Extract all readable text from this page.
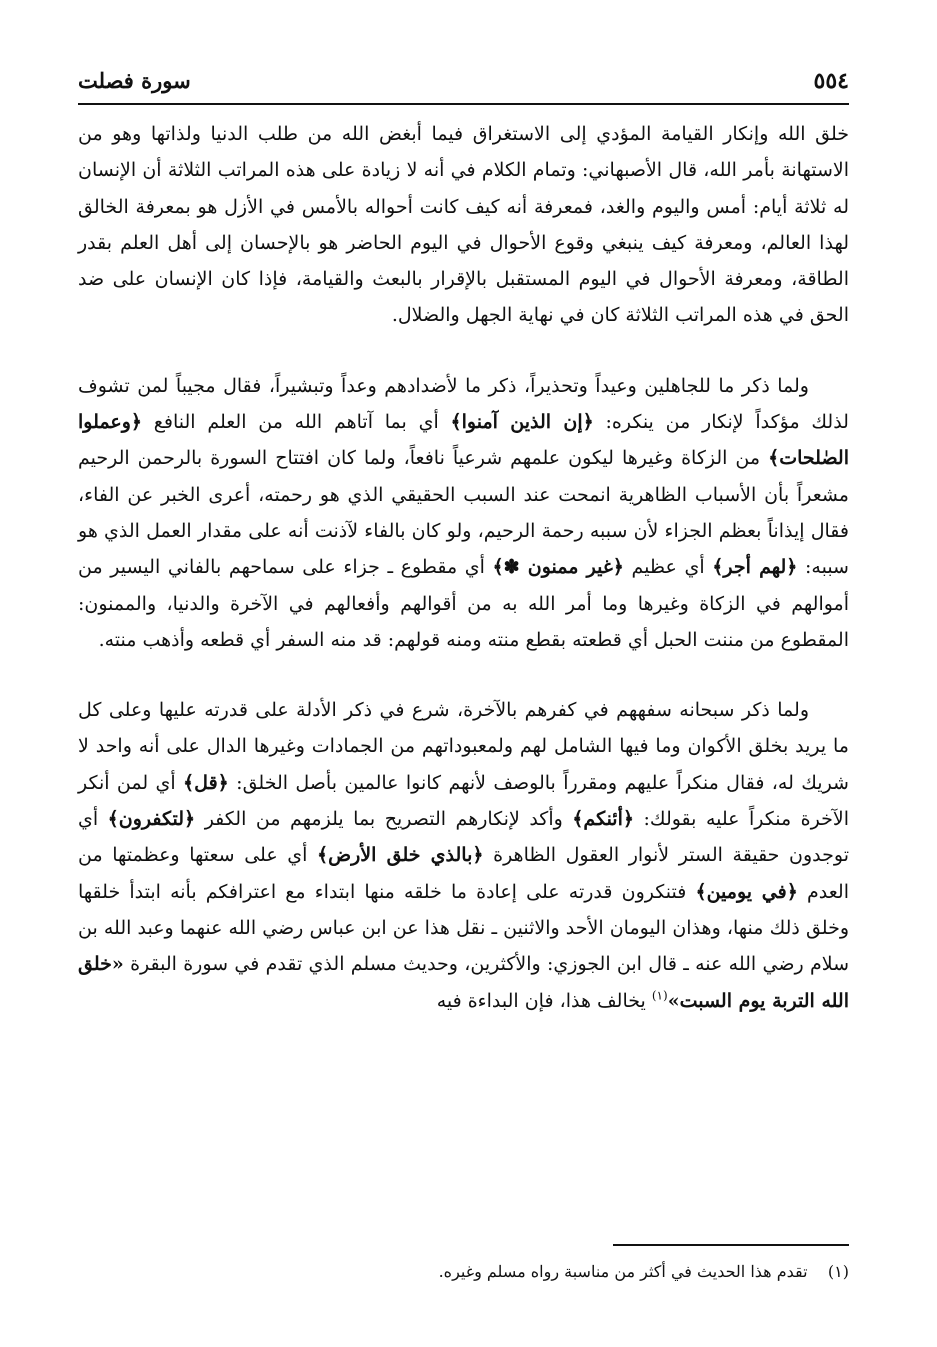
٥٥٤
سورة فصلت

خلق الله وإنكار القيامة المؤدي إلى الاستغراق فيما أبغض الله من طلب الدنيا ولذاتها وهو من الاستهانة بأمر الله، قال الأصبهاني: وتمام الكلام في أنه لا زيادة على هذه المراتب الثلاثة أن الإنسان له ثلاثة أيام: أمس واليوم والغد، فمعرفة أنه كيف كانت أحواله بالأمس في الأزل هو بمعرفة الخالق لهذا العالم، ومعرفة كيف ينبغي وقوع الأحوال في اليوم الحاضر هو بالإحسان إلى أهل العلم بقدر الطاقة، ومعرفة الأحوال في اليوم المستقبل بالإقرار بالبعث والقيامة، فإذا كان الإنسان على ضد الحق في هذه المراتب الثلاثة كان في نهاية الجهل والضلال.

ولما ذكر ما للجاهلين وعيداً وتحذيراً، ذكر ما لأضدادهم وعداً وتبشيراً، فقال مجيباً لمن تشوف لذلك مؤكداً لإنكار من ينكره: ﴿إن الذين آمنوا﴾ أي بما آتاهم الله من العلم النافع ﴿وعملوا الصٰلحات﴾ من الزكاة وغيرها ليكون علمهم شرعياً نافعاً، ولما كان افتتاح السورة بالرحمن الرحيم مشعراً بأن الأسباب الظاهرية انمحت عند السبب الحقيقي الذي هو رحمته، أعرى الخبر عن الفاء، فقال إيذاناً بعظم الجزاء لأن سببه رحمة الرحيم، ولو كان بالفاء لآذنت أنه على مقدار العمل الذي هو سببه: ﴿لهم أجر﴾ أي عظيم ﴿غير ممنون ✽﴾ أي مقطوع ـ جزاء على سماحهم بالفاني اليسير من أموالهم في الزكاة وغيرها وما أمر الله به من أقوالهم وأفعالهم في الآخرة والدنيا، والممنون: المقطوع من مننت الحبل أي قطعته بقطع منته ومنه قولهم: قد منه السفر أي قطعه وأذهب منته.

ولما ذكر سبحانه سفههم في كفرهم بالآخرة، شرع في ذكر الأدلة على قدرته عليها وعلى كل ما يريد بخلق الأكوان وما فيها الشامل لهم ولمعبوداتهم من الجمادات وغيرها الدال على أنه واحد لا شريك له، فقال منكراً عليهم ومقرراً بالوصف لأنهم كانوا عالمين بأصل الخلق: ﴿قل﴾ أي لمن أنكر الآخرة منكراً عليه بقولك: ﴿أئنكم﴾ وأكد لإنكارهم التصريح بما يلزمهم من الكفر ﴿لتكفرون﴾ أي توجدون حقيقة الستر لأنوار العقول الظاهرة ﴿بالذي خلق الأرض﴾ أي على سعتها وعظمتها من العدم ﴿في يومين﴾ فتنكرون قدرته على إعادة ما خلقه منها ابتداء مع اعترافكم بأنه ابتدأ خلقها وخلق ذلك منها، وهذان اليومان الأحد والاثنين ـ نقل هذا عن ابن عباس رضي الله عنهما وعبد الله بن سلام رضي الله عنه ـ قال ابن الجوزي: والأكثرين، وحديث مسلم الذي تقدم في سورة البقرة «خلق الله التربة يوم السبت»$^{(١)}$ يخالف هذا، فإن البداءة فيه

(١)    تقدم هذا الحديث في أكثر من مناسبة رواه مسلم وغيره.
